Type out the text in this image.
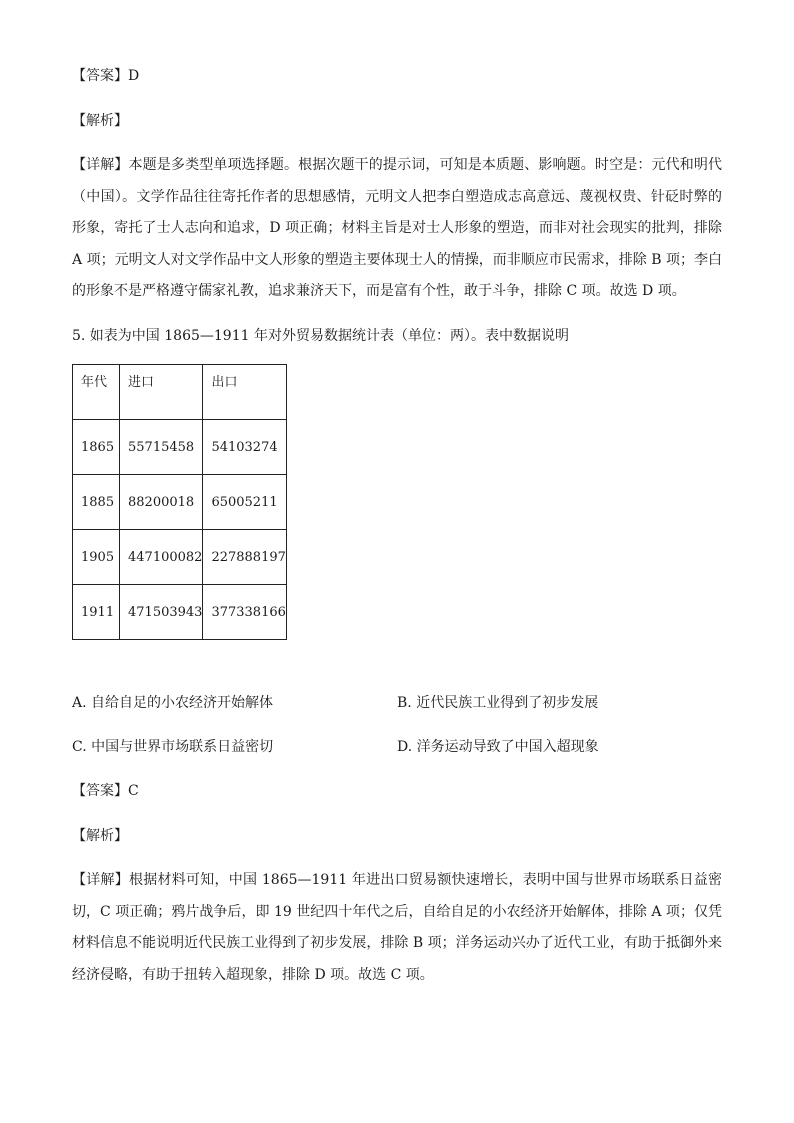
【答案】D
【解析】
【详解】本题是多类型单项选择题。根据次题干的提示词，可知是本质题、影响题。时空是：元代和明代（中国）。文学作品往往寄托作者的思想感情，元明文人把李白塑造成志高意远、蔑视权贵、针砭时弊的形象，寄托了士人志向和追求，D 项正确；材料主旨是对士人形象的塑造，而非对社会现实的批判，排除 A 项；元明文人对文学作品中文人形象的塑造主要体现士人的情操，而非顺应市民需求，排除 B 项；李白的形象不是严格遵守儒家礼教，追求兼济天下，而是富有个性，敢于斗争，排除 C 项。故选 D 项。
5. 如表为中国 1865—1911 年对外贸易数据统计表（单位：两）。表中数据说明
年代	进口	出口
1865	55715458	54103274
1885	88200018	65005211
1905	447100082	227888197
1911	471503943	377338166
A. 自给自足的小农经济开始解体	B. 近代民族工业得到了初步发展
C. 中国与世界市场联系日益密切	D. 洋务运动导致了中国入超现象
【答案】C
【解析】
【详解】根据材料可知，中国 1865—1911 年进出口贸易额快速增长，表明中国与世界市场联系日益密切，C 项正确；鸦片战争后，即 19 世纪四十年代之后，自给自足的小农经济开始解体，排除 A 项；仅凭材料信息不能说明近代民族工业得到了初步发展，排除 B 项；洋务运动兴办了近代工业，有助于抵御外来经济侵略，有助于扭转入超现象，排除 D 项。故选 C 项。
